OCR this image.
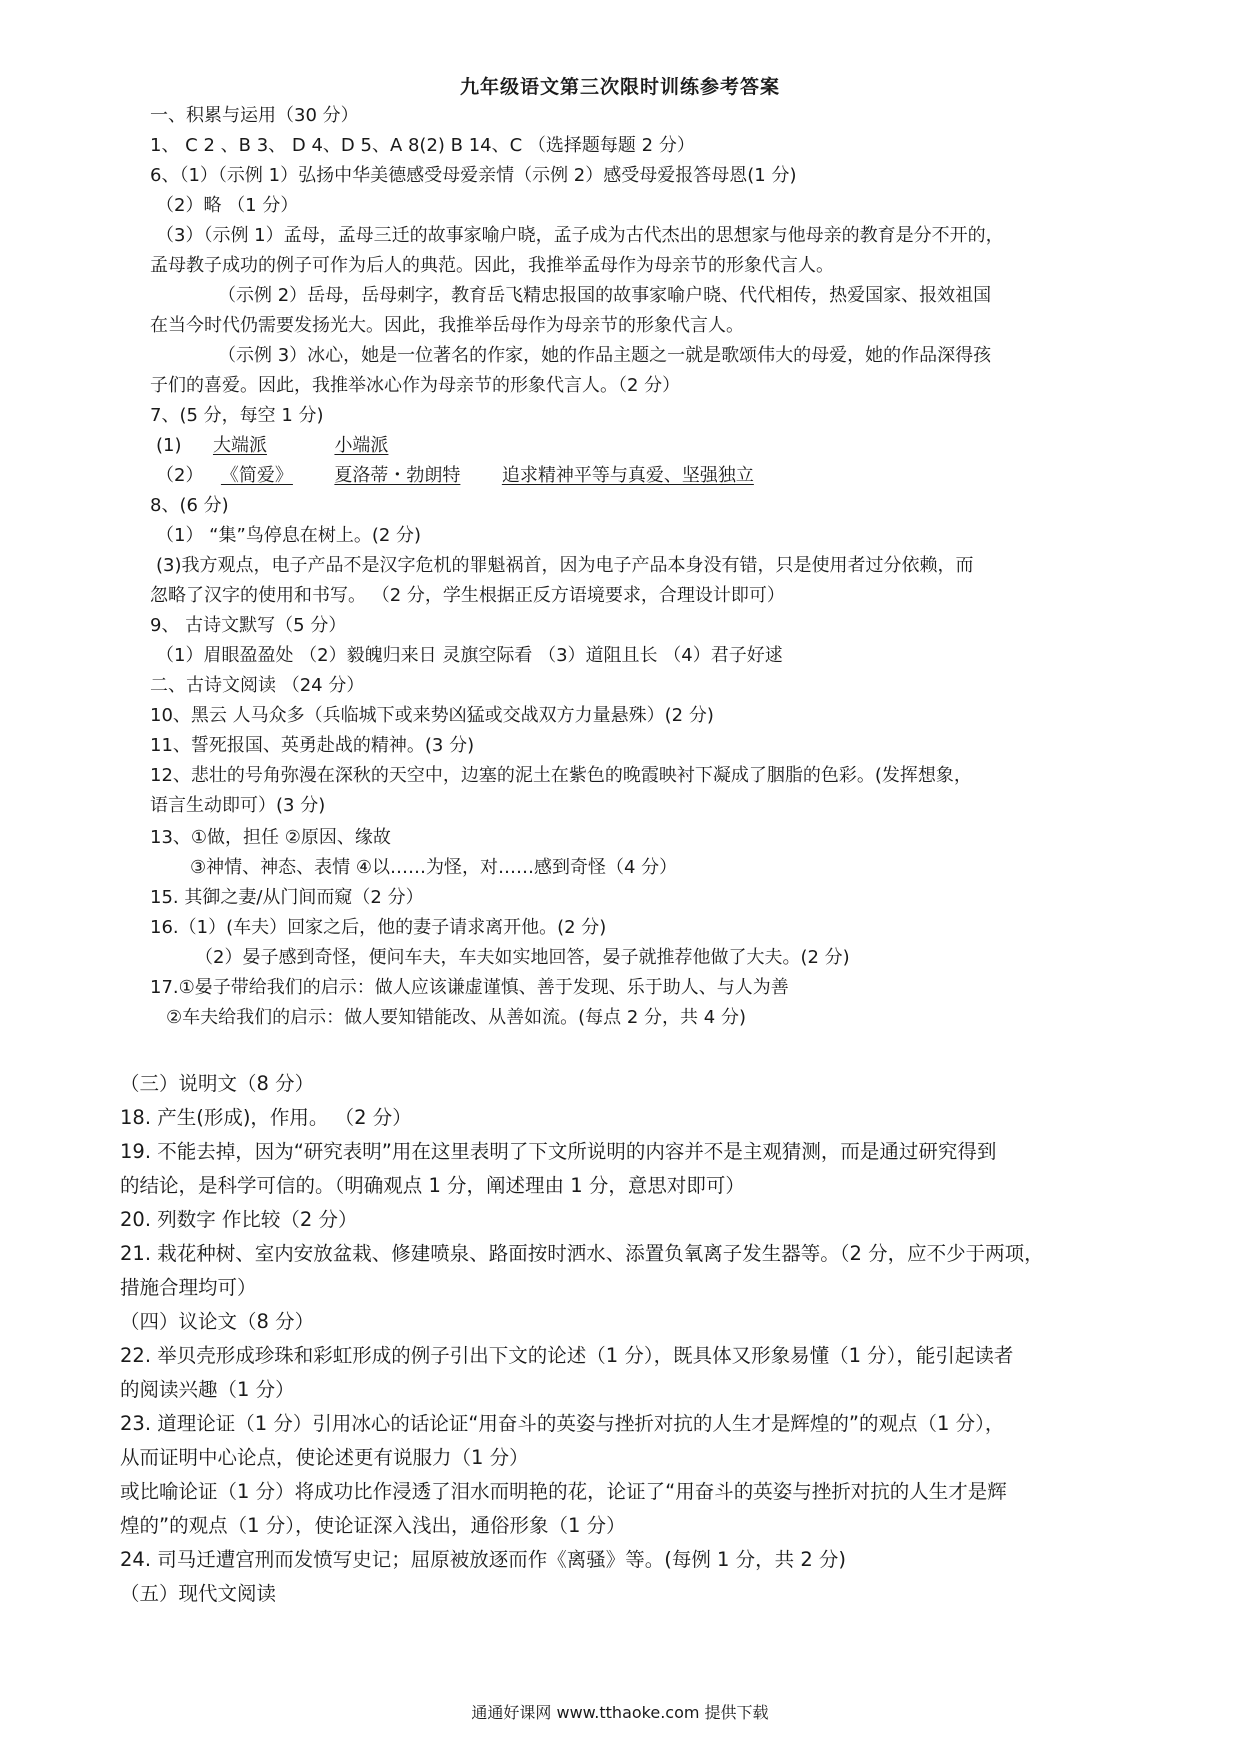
九年级语文第三次限时训练参考答案
一、积累与运用（30 分）
1、 C 2 、B 3、 D 4、D 5、A 8(2) B 14、C （选择题每题 2 分）
6、（1）（示例 1）弘扬中华美德感受母爱亲情（示例 2）感受母爱报答母恩(1 分)
（2）略 （1 分）
（3）（示例 1）孟母，孟母三迁的故事家喻户晓，孟子成为古代杰出的思想家与他母亲的教育是分不开的，
孟母教子成功的例子可作为后人的典范。因此，我推举孟母作为母亲节的形象代言人。
（示例 2）岳母，岳母刺字，教育岳飞精忠报国的故事家喻户晓、代代相传，热爱国家、报效祖国
在当今时代仍需要发扬光大。因此，我推举岳母作为母亲节的形象代言人。
（示例 3）冰心，她是一位著名的作家，她的作品主题之一就是歌颂伟大的母爱，她的作品深得孩
子们的喜爱。因此，我推举冰心作为母亲节的形象代言人。（2 分）
7、(5 分，每空 1 分)
(1) 大端派	小端派
（2） 《简爱》 夏洛蒂・勃朗特 追求精神平等与真爱、坚强独立
8、(6 分)
（1） “集”鸟停息在树上。(2 分)
(3)我方观点，电子产品不是汉字危机的罪魁祸首，因为电子产品本身没有错，只是使用者过分依赖，而
忽略了汉字的使用和书写。 （2 分，学生根据正反方语境要求，合理设计即可）
9、 古诗文默写（5 分）
（1）眉眼盈盈处 （2）毅魄归来日 灵旗空际看 （3）道阻且长 （4）君子好逑
二、古诗文阅读 （24 分）
10、黑云 人马众多（兵临城下或来势凶猛或交战双方力量悬殊）(2 分)
11、誓死报国、英勇赴战的精神。(3 分)
12、悲壮的号角弥漫在深秋的天空中，边塞的泥土在紫色的晚霞映衬下凝成了胭脂的色彩。(发挥想象，
语言生动即可）(3 分)
13、①做，担任 ②原因、缘故
③神情、神态、表情 ④以……为怪，对……感到奇怪（4 分）
15. 其御之妻/从门间而窥（2 分）
16.（1）(车夫）回家之后，他的妻子请求离开他。(2 分)
（2）晏子感到奇怪，便问车夫，车夫如实地回答，晏子就推荐他做了大夫。(2 分)
17.①晏子带给我们的启示：做人应该谦虚谨慎、善于发现、乐于助人、与人为善
②车夫给我们的启示：做人要知错能改、从善如流。(每点 2 分，共 4 分)
（三）说明文（8 分）
18. 产生(形成)，作用。 （2 分）
19. 不能去掉，因为“研究表明”用在这里表明了下文所说明的内容并不是主观猜测，而是通过研究得到
的结论，是科学可信的。（明确观点 1 分，阐述理由 1 分，意思对即可）
20. 列数字 作比较（2 分）
21. 栽花种树、室内安放盆栽、修建喷泉、路面按时洒水、添置负氧离子发生器等。（2 分，应不少于两项，
措施合理均可）
（四）议论文（8 分）
22. 举贝壳形成珍珠和彩虹形成的例子引出下文的论述（1 分），既具体又形象易懂（1 分），能引起读者
的阅读兴趣（1 分）
23. 道理论证（1 分）引用冰心的话论证“用奋斗的英姿与挫折对抗的人生才是辉煌的”的观点（1 分），
从而证明中心论点，使论述更有说服力（1 分）
或比喻论证（1 分）将成功比作浸透了泪水而明艳的花，论证了“用奋斗的英姿与挫折对抗的人生才是辉
煌的”的观点（1 分），使论证深入浅出，通俗形象（1 分）
24. 司马迁遭宫刑而发愤写史记；屈原被放逐而作《离骚》等。(每例 1 分，共 2 分)
（五）现代文阅读
通通好课网 www.tthaoke.com 提供下载
